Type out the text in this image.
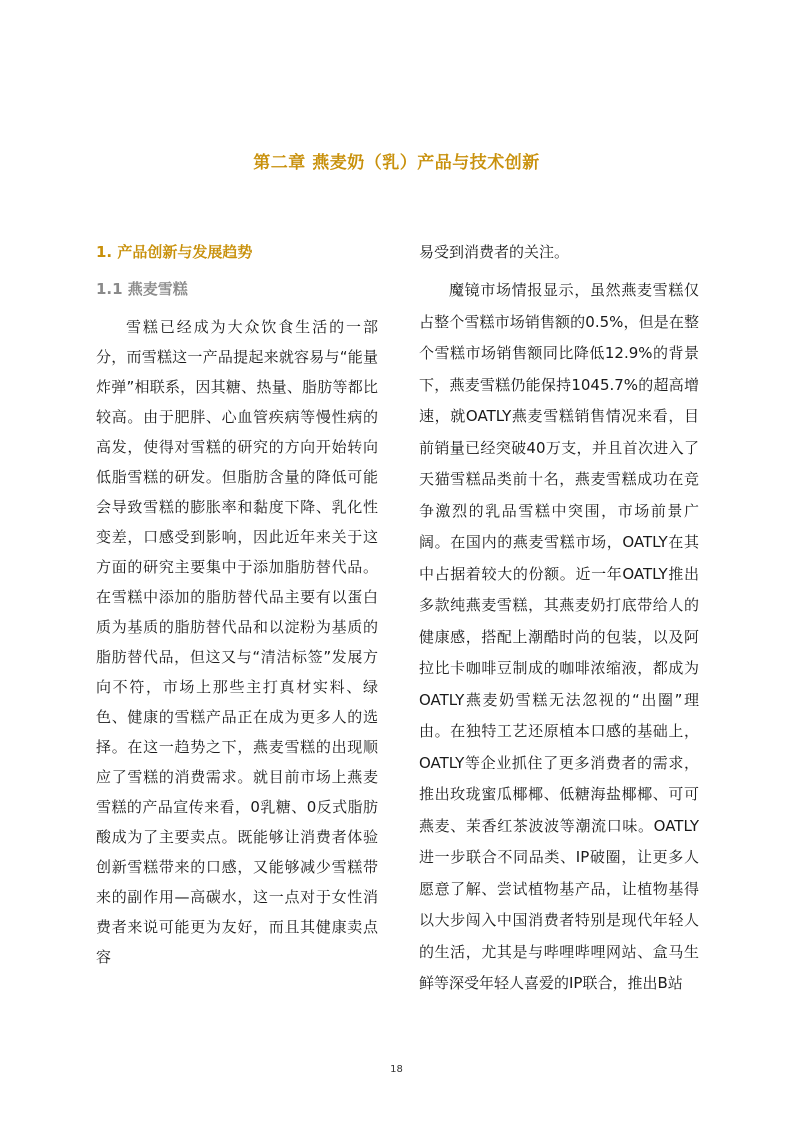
第二章 燕麦奶（乳）产品与技术创新
1. 产品创新与发展趋势
1.1 燕麦雪糕

雪糕已经成为大众饮食生活的一部分，而雪糕这一产品提起来就容易与“能量炸弹”相联系，因其糖、热量、脂肪等都比较高。由于肥胖、心血管疾病等慢性病的高发，使得对雪糕的研究的方向开始转向低脂雪糕的研发。但脂肪含量的降低可能会导致雪糕的膨胀率和黏度下降、乳化性变差，口感受到影响，因此近年来关于这方面的研究主要集中于添加脂肪替代品。在雪糕中添加的脂肪替代品主要有以蛋白质为基质的脂肪替代品和以淀粉为基质的脂肪替代品，但这又与“清洁标签”发展方向不符，市场上那些主打真材实料、绿色、健康的雪糕产品正在成为更多人的选择。在这一趋势之下，燕麦雪糕的出现顺应了雪糕的消费需求。就目前市场上燕麦雪糕的产品宣传来看，0乳糖、0反式脂肪酸成为了主要卖点。既能够让消费者体验创新雪糕带来的口感，又能够减少雪糕带来的副作用—高碳水，这一点对于女性消费者来说可能更为友好，而且其健康卖点容

易受到消费者的关注。

魔镜市场情报显示，虽然燕麦雪糕仅占整个雪糕市场销售额的0.5%，但是在整个雪糕市场销售额同比降低12.9%的背景下，燕麦雪糕仍能保持1045.7%的超高增速，就OATLY燕麦雪糕销售情况来看，目前销量已经突破40万支，并且首次进入了天猫雪糕品类前十名，燕麦雪糕成功在竞争激烈的乳品雪糕中突围，市场前景广阔。在国内的燕麦雪糕市场，OATLY在其中占据着较大的份额。近一年OATLY推出多款纯燕麦雪糕，其燕麦奶打底带给人的健康感，搭配上潮酷时尚的包装，以及阿拉比卡咖啡豆制成的咖啡浓缩液，都成为OATLY燕麦奶雪糕无法忽视的“出圈”理由。在独特工艺还原植本口感的基础上，OATLY等企业抓住了更多消费者的需求，推出玫珑蜜瓜椰椰、低糖海盐椰椰、可可燕麦、茉香红茶波波等潮流口味。OATLY进一步联合不同品类、IP破圈，让更多人愿意了解、尝试植物基产品，让植物基得以大步闯入中国消费者特别是现代年轻人的生活，尤其是与哔哩哔哩网站、盒马生鲜等深受年轻人喜爱的IP联合，推出B站

18
